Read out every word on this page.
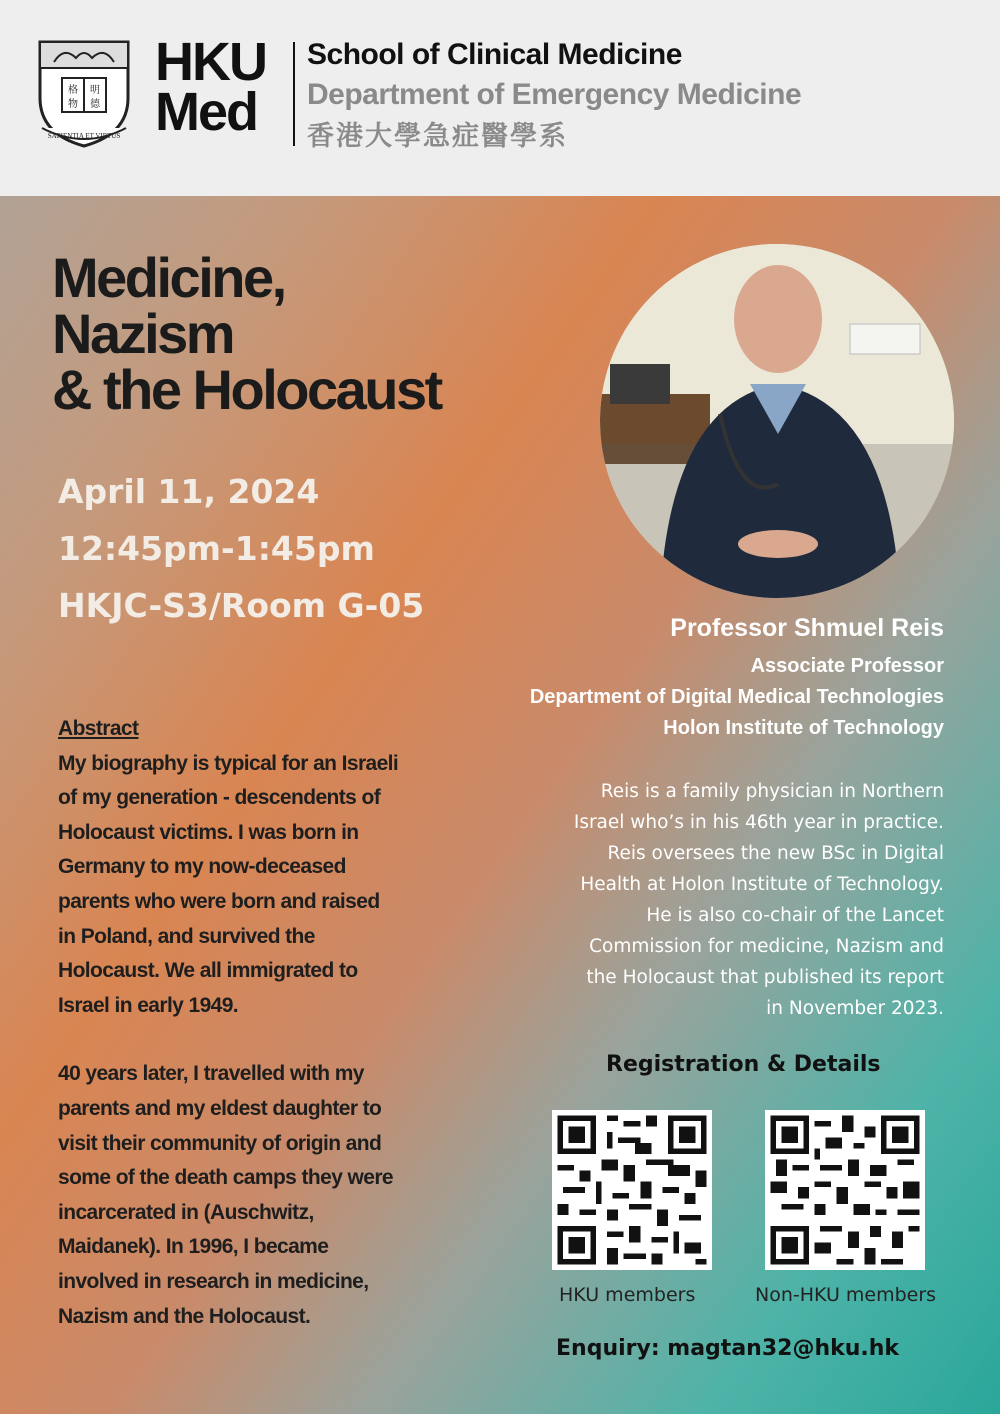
格 明
物 德
SAPIENTIA ET VIRTUS
HKU
Med
School of Clinical Medicine
Department of Emergency Medicine
香港大學急症醫學系
Medicine,
Nazism
& the Holocaust
April 11, 2024
12:45pm-1:45pm
HKJC-S3/Room G-05
Professor Shmuel Reis
Associate Professor
Department of Digital Medical Technologies
Holon Institute of Technology
Reis is a family physician in Northern
Israel who’s in his 46th year in practice.
Reis oversees the new BSc in Digital
Health at Holon Institute of Technology.
He is also co-chair of the Lancet
Commission for medicine, Nazism and
the Holocaust that published its report
in November 2023.
Abstract
My biography is typical for an Israeli
of my generation - descendents of
Holocaust victims. I was born in
Germany to my now-deceased
parents who were born and raised
in Poland, and survived the
Holocaust. We all immigrated to
Israel in early 1949.
40 years later, I travelled with my
parents and my eldest daughter to
visit their community of origin and
some of the death camps they were
incarcerated in (Auschwitz,
Maidanek). In 1996, I became
involved in research in medicine,
Nazism and the Holocaust.
Registration & Details
HKU members	Non-HKU members
Enquiry: magtan32@hku.hk
